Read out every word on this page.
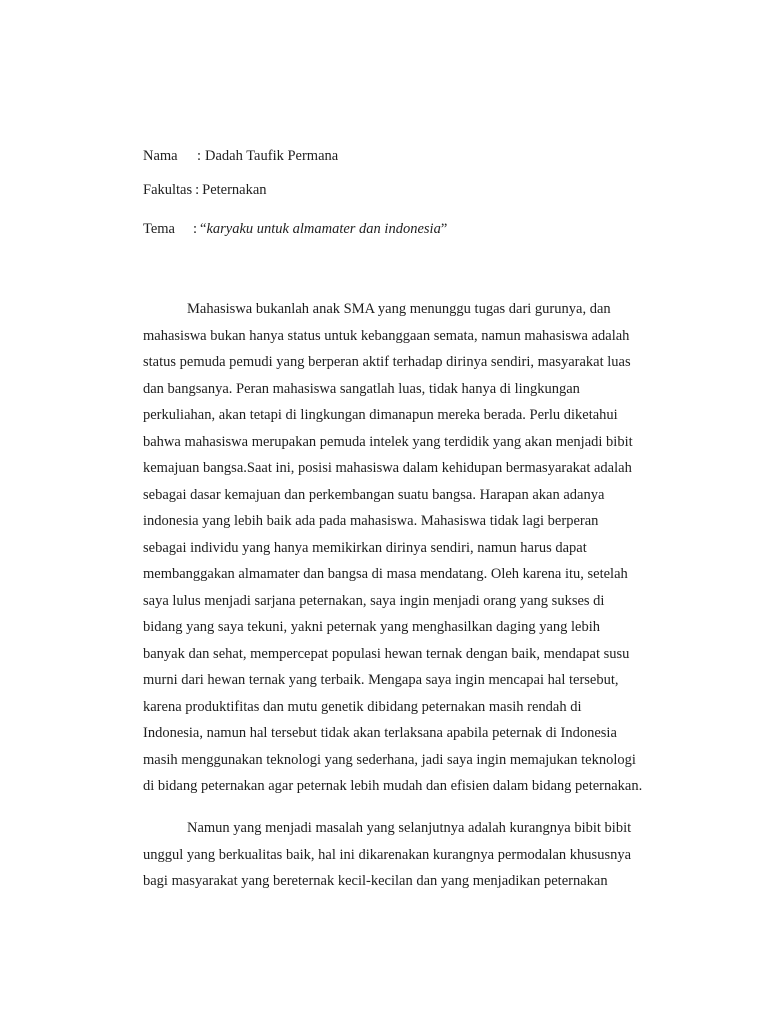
Nama : Dadah Taufik Permana
Fakultas : Peternakan
Tema : “karyaku untuk almamater dan indonesia”
Mahasiswa bukanlah anak SMA yang menunggu tugas dari gurunya, dan
mahasiswa bukan hanya status untuk kebanggaan semata, namun mahasiswa adalah
status pemuda pemudi yang berperan aktif terhadap dirinya sendiri, masyarakat luas
dan bangsanya. Peran mahasiswa sangatlah luas, tidak hanya di lingkungan
perkuliahan, akan tetapi di lingkungan dimanapun mereka berada. Perlu diketahui
bahwa mahasiswa merupakan pemuda intelek yang terdidik yang akan menjadi bibit
kemajuan bangsa.Saat ini, posisi mahasiswa dalam kehidupan bermasyarakat adalah
sebagai dasar kemajuan dan perkembangan suatu bangsa. Harapan akan adanya
indonesia yang lebih baik ada pada mahasiswa. Mahasiswa tidak lagi berperan
sebagai individu yang hanya memikirkan dirinya sendiri, namun harus dapat
membanggakan almamater dan bangsa di masa mendatang. Oleh karena itu, setelah
saya lulus menjadi sarjana peternakan, saya ingin menjadi orang yang sukses di
bidang yang saya tekuni, yakni peternak yang menghasilkan daging yang lebih
banyak dan sehat, mempercepat populasi hewan ternak dengan baik, mendapat susu
murni dari hewan ternak yang terbaik. Mengapa saya ingin mencapai hal tersebut,
karena produktifitas dan mutu genetik dibidang peternakan masih rendah di
Indonesia, namun hal tersebut tidak akan terlaksana apabila peternak di Indonesia
masih menggunakan teknologi yang sederhana, jadi saya ingin memajukan teknologi
di bidang peternakan agar peternak lebih mudah dan efisien dalam bidang peternakan.
Namun yang menjadi masalah yang selanjutnya adalah kurangnya bibit bibit
unggul yang berkualitas baik, hal ini dikarenakan kurangnya permodalan khususnya
bagi masyarakat yang bereternak kecil-kecilan dan yang menjadikan peternakan
